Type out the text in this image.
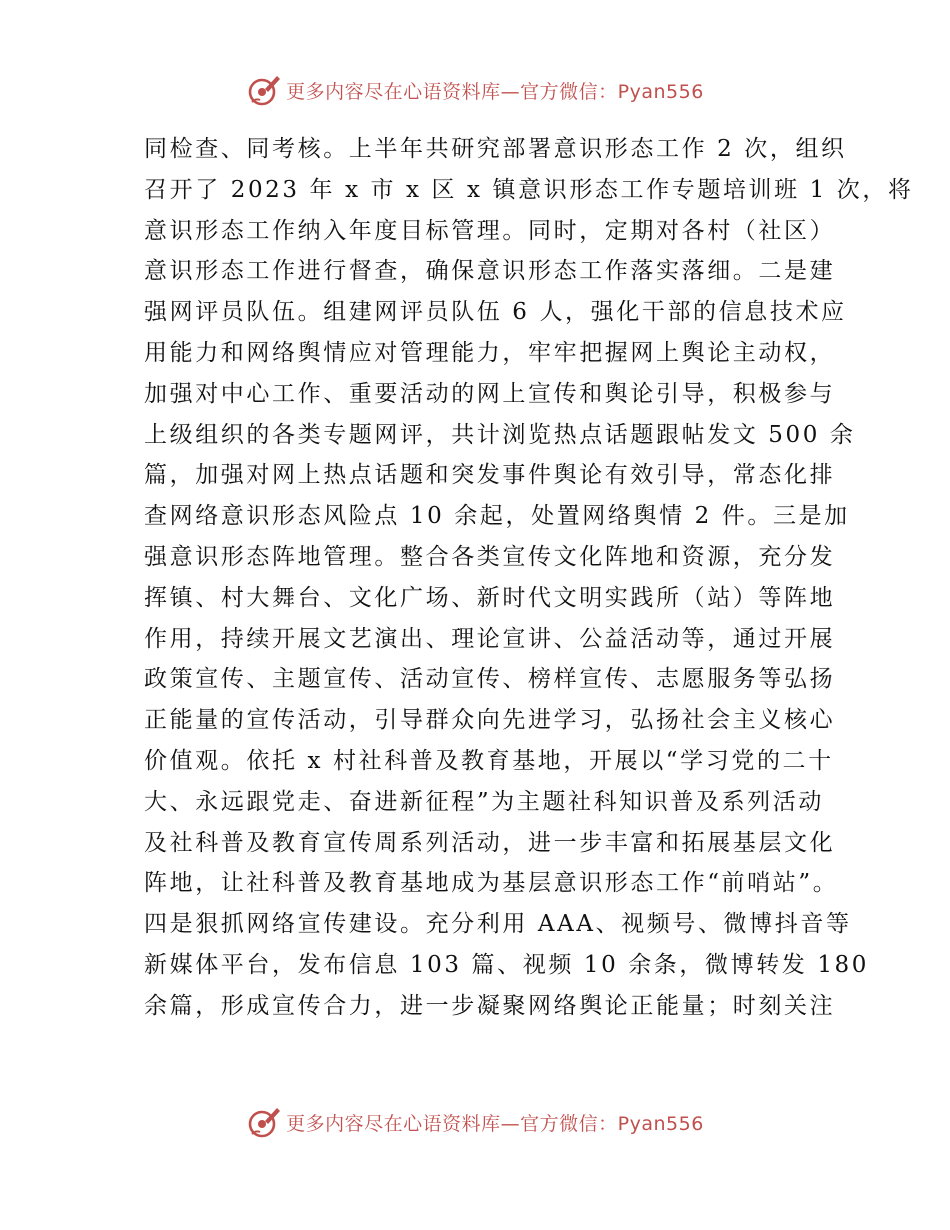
更多内容尽在心语资料库—官方微信：Pyan556
同检查、同考核。上半年共研究部署意识形态工作 2 次，组织
召开了 2023 年 x 市 x 区 x 镇意识形态工作专题培训班 1 次，将
意识形态工作纳入年度目标管理。同时，定期对各村（社区）
意识形态工作进行督查，确保意识形态工作落实落细。二是建
强网评员队伍。组建网评员队伍 6 人，强化干部的信息技术应
用能力和网络舆情应对管理能力，牢牢把握网上舆论主动权，
加强对中心工作、重要活动的网上宣传和舆论引导，积极参与
上级组织的各类专题网评，共计浏览热点话题跟帖发文 500 余
篇，加强对网上热点话题和突发事件舆论有效引导，常态化排
查网络意识形态风险点 10 余起，处置网络舆情 2 件。三是加
强意识形态阵地管理。整合各类宣传文化阵地和资源，充分发
挥镇、村大舞台、文化广场、新时代文明实践所（站）等阵地
作用，持续开展文艺演出、理论宣讲、公益活动等，通过开展
政策宣传、主题宣传、活动宣传、榜样宣传、志愿服务等弘扬
正能量的宣传活动，引导群众向先进学习，弘扬社会主义核心
价值观。依托 x 村社科普及教育基地，开展以“学习党的二十
大、永远跟党走、奋进新征程”为主题社科知识普及系列活动
及社科普及教育宣传周系列活动，进一步丰富和拓展基层文化
阵地，让社科普及教育基地成为基层意识形态工作“前哨站”。
四是狠抓网络宣传建设。充分利用 AAA、视频号、微博抖音等
新媒体平台，发布信息 103 篇、视频 10 余条，微博转发 180
余篇，形成宣传合力，进一步凝聚网络舆论正能量；时刻关注
更多内容尽在心语资料库—官方微信：Pyan556
